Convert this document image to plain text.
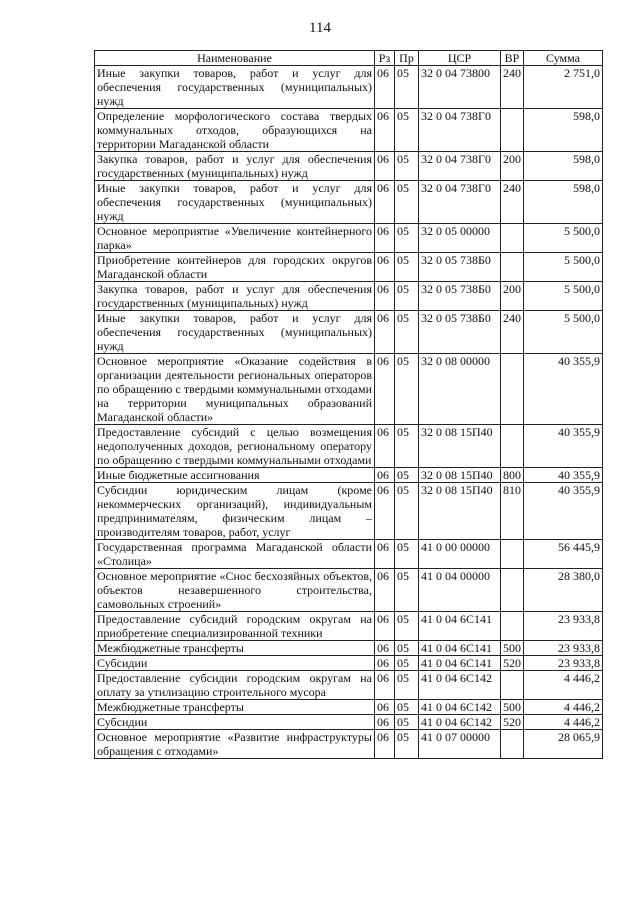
114
Наименование	Рз	Пр	ЦСР	ВР	Сумма
Иные закупки товаров, работ и услуг для обеспечения государственных (муниципальных) нужд	06	05	32 0 04 73800	240	2 751,0
Определение морфологического состава твердых коммунальных отходов, образующихся на территории Магаданской области	06	05	32 0 04 738Г0		598,0
Закупка товаров, работ и услуг для обеспечения государственных (муниципальных) нужд	06	05	32 0 04 738Г0	200	598,0
Иные закупки товаров, работ и услуг для обеспечения государственных (муниципальных) нужд	06	05	32 0 04 738Г0	240	598,0
Основное мероприятие «Увеличение контейнерного парка»	06	05	32 0 05 00000		5 500,0
Приобретение контейнеров для городских округов Магаданской области	06	05	32 0 05 738Б0		5 500,0
Закупка товаров, работ и услуг для обеспечения государственных (муниципальных) нужд	06	05	32 0 05 738Б0	200	5 500,0
Иные закупки товаров, работ и услуг для обеспечения государственных (муниципальных) нужд	06	05	32 0 05 738Б0	240	5 500,0
Основное мероприятие «Оказание содействия в организации деятельности региональных операторов по обращению с твердыми коммунальными отходами на территории муниципальных образований Магаданской области»	06	05	32 0 08 00000		40 355,9
Предоставление субсидий с целью возмещения недополученных доходов, региональному оператору по обращению с твердыми коммунальными отходами	06	05	32 0 08 15П40		40 355,9
Иные бюджетные ассигнования	06	05	32 0 08 15П40	800	40 355,9
Субсидии юридическим лицам (кроме некоммерческих организаций), индивидуальным предпринимателям, физическим лицам – производителям товаров, работ, услуг	06	05	32 0 08 15П40	810	40 355,9
Государственная программа Магаданской области «Столица»	06	05	41 0 00 00000		56 445,9
Основное мероприятие «Снос бесхозяйных объектов, объектов незавершенного строительства, самовольных строений»	06	05	41 0 04 00000		28 380,0
Предоставление субсидий городским округам на приобретение специализированной техники	06	05	41 0 04 6С141		23 933,8
Межбюджетные трансферты	06	05	41 0 04 6С141	500	23 933,8
Субсидии	06	05	41 0 04 6С141	520	23 933,8
Предоставление субсидии городским округам на оплату за утилизацию строительного мусора	06	05	41 0 04 6С142		4 446,2
Межбюджетные трансферты	06	05	41 0 04 6С142	500	4 446,2
Субсидии	06	05	41 0 04 6С142	520	4 446,2
Основное мероприятие «Развитие инфраструктуры обращения с отходами»	06	05	41 0 07 00000		28 065,9
